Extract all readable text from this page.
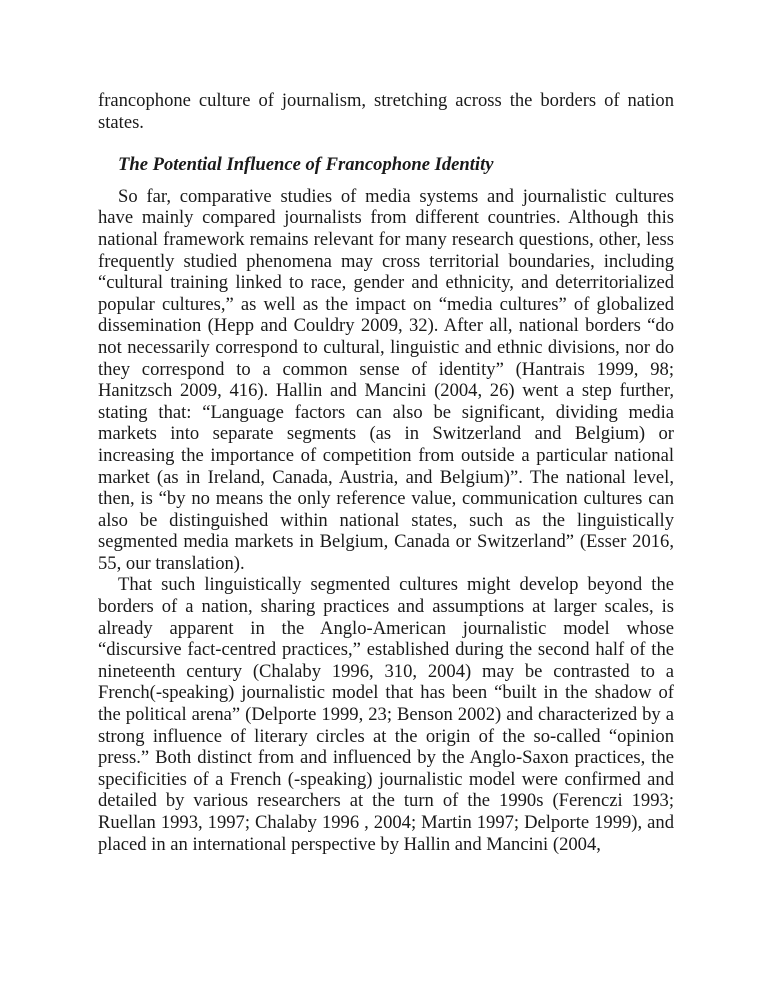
francophone culture of journalism, stretching across the borders of nation states.

The Potential Influence of Francophone Identity

So far, comparative studies of media systems and journalistic cultures have mainly compared journalists from different countries. Although this national framework remains relevant for many research questions, other, less frequently studied phenomena may cross territorial boundaries, including “cultural training linked to race, gender and ethnicity, and deterritorialized popular cultures,” as well as the impact on “media cultures” of globalized dissemination (Hepp and Couldry 2009, 32). After all, national borders “do not necessarily correspond to cultural, linguistic and ethnic divisions, nor do they correspond to a common sense of identity” (Hantrais 1999, 98; Hanitzsch 2009, 416). Hallin and Mancini (2004, 26) went a step further, stating that: “Language factors can also be significant, dividing media markets into separate segments (as in Switzerland and Belgium) or increasing the importance of competition from outside a particular national market (as in Ireland, Canada, Austria, and Belgium)”. The national level, then, is “by no means the only reference value, communication cultures can also be distinguished within national states, such as the linguistically segmented media markets in Belgium, Canada or Switzerland” (Esser 2016, 55, our translation).

That such linguistically segmented cultures might develop beyond the borders of a nation, sharing practices and assumptions at larger scales, is already apparent in the Anglo-American journalistic model whose “discursive fact-centred practices,” established during the second half of the nineteenth century (Chalaby 1996, 310, 2004) may be contrasted to a French(-speaking) journalistic model that has been “built in the shadow of the political arena” (Delporte 1999, 23; Benson 2002) and characterized by a strong influence of literary circles at the origin of the so-called “opinion press.” Both distinct from and influenced by the Anglo-Saxon practices, the specificities of a French (-speaking) journalistic model were confirmed and detailed by various researchers at the turn of the 1990s (Ferenczi 1993; Ruellan 1993, 1997; Chalaby 1996 , 2004; Martin 1997; Delporte 1999), and placed in an international perspective by Hallin and Mancini (2004,
